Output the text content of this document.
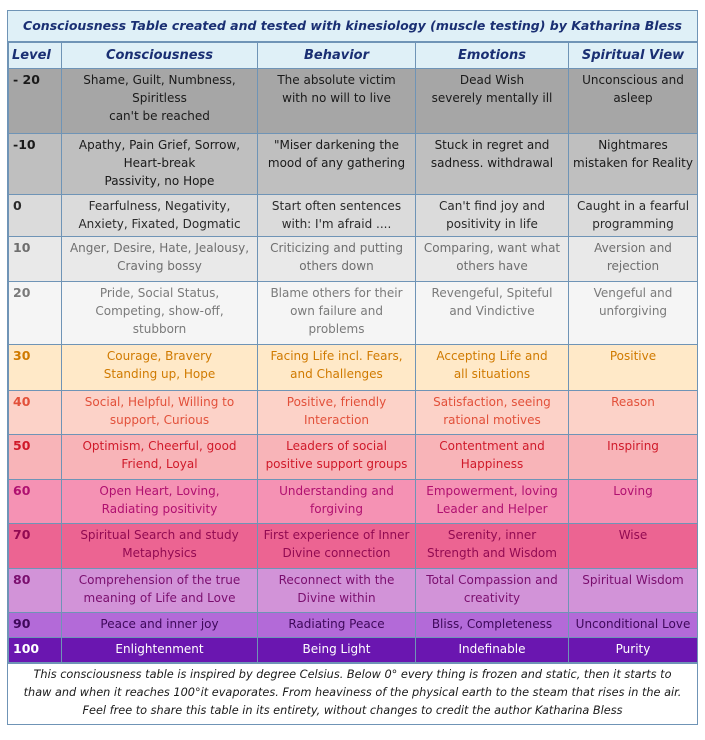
Consciousness Table created and tested with kinesiology (muscle testing) by Katharina Bless
Level	Consciousness	Behavior	Emotions	Spiritual View
- 20	Shame, Guilt, Numbness,
Spiritless
can't be reached	The absolute victim
with no will to live	Dead Wish
severely mentally ill	Unconscious and
asleep
-10	Apathy, Pain Grief, Sorrow,
Heart-break
Passivity, no Hope	"Miser darkening the
mood of any gathering	Stuck in regret and
sadness. withdrawal	Nightmares
mistaken for Reality
0	Fearfulness, Negativity,
Anxiety, Fixated, Dogmatic	Start often sentences
with: I'm afraid ....	Can't find joy and
positivity in life	Caught in a fearful
programming
10	Anger, Desire, Hate, Jealousy,
Craving bossy	Criticizing and putting
others down	Comparing, want what
others have	Aversion and
rejection
20	Pride, Social Status,
Competing, show-off,
stubborn	Blame others for their
own failure and
problems	Revengeful, Spiteful
and Vindictive	Vengeful and
unforgiving
30	Courage, Bravery
Standing up, Hope	Facing Life incl. Fears,
and Challenges	Accepting Life and
all situations	Positive
40	Social, Helpful, Willing to
support, Curious	Positive, friendly
Interaction	Satisfaction, seeing
rational motives	Reason
50	Optimism, Cheerful, good
Friend, Loyal	Leaders of social
positive support groups	Contentment and
Happiness	Inspiring
60	Open Heart, Loving,
Radiating positivity	Understanding and
forgiving	Empowerment, loving
Leader and Helper	Loving
70	Spiritual Search and study
Metaphysics	First experience of Inner
Divine connection	Serenity, inner
Strength and Wisdom	Wise
80	Comprehension of the true
meaning of Life and Love	Reconnect with the
Divine within	Total Compassion and
creativity	Spiritual Wisdom
90	Peace and inner joy	Radiating Peace	Bliss, Completeness	Unconditional Love
100	Enlightenment	Being Light	Indefinable	Purity
This consciousness table is inspired by degree Celsius. Below 0° every thing is frozen and static, then it starts to
thaw and when it reaches 100°it evaporates. From heaviness of the physical earth to the steam that rises in the air.
Feel free to share this table in its entirety, without changes to credit the author Katharina Bless
